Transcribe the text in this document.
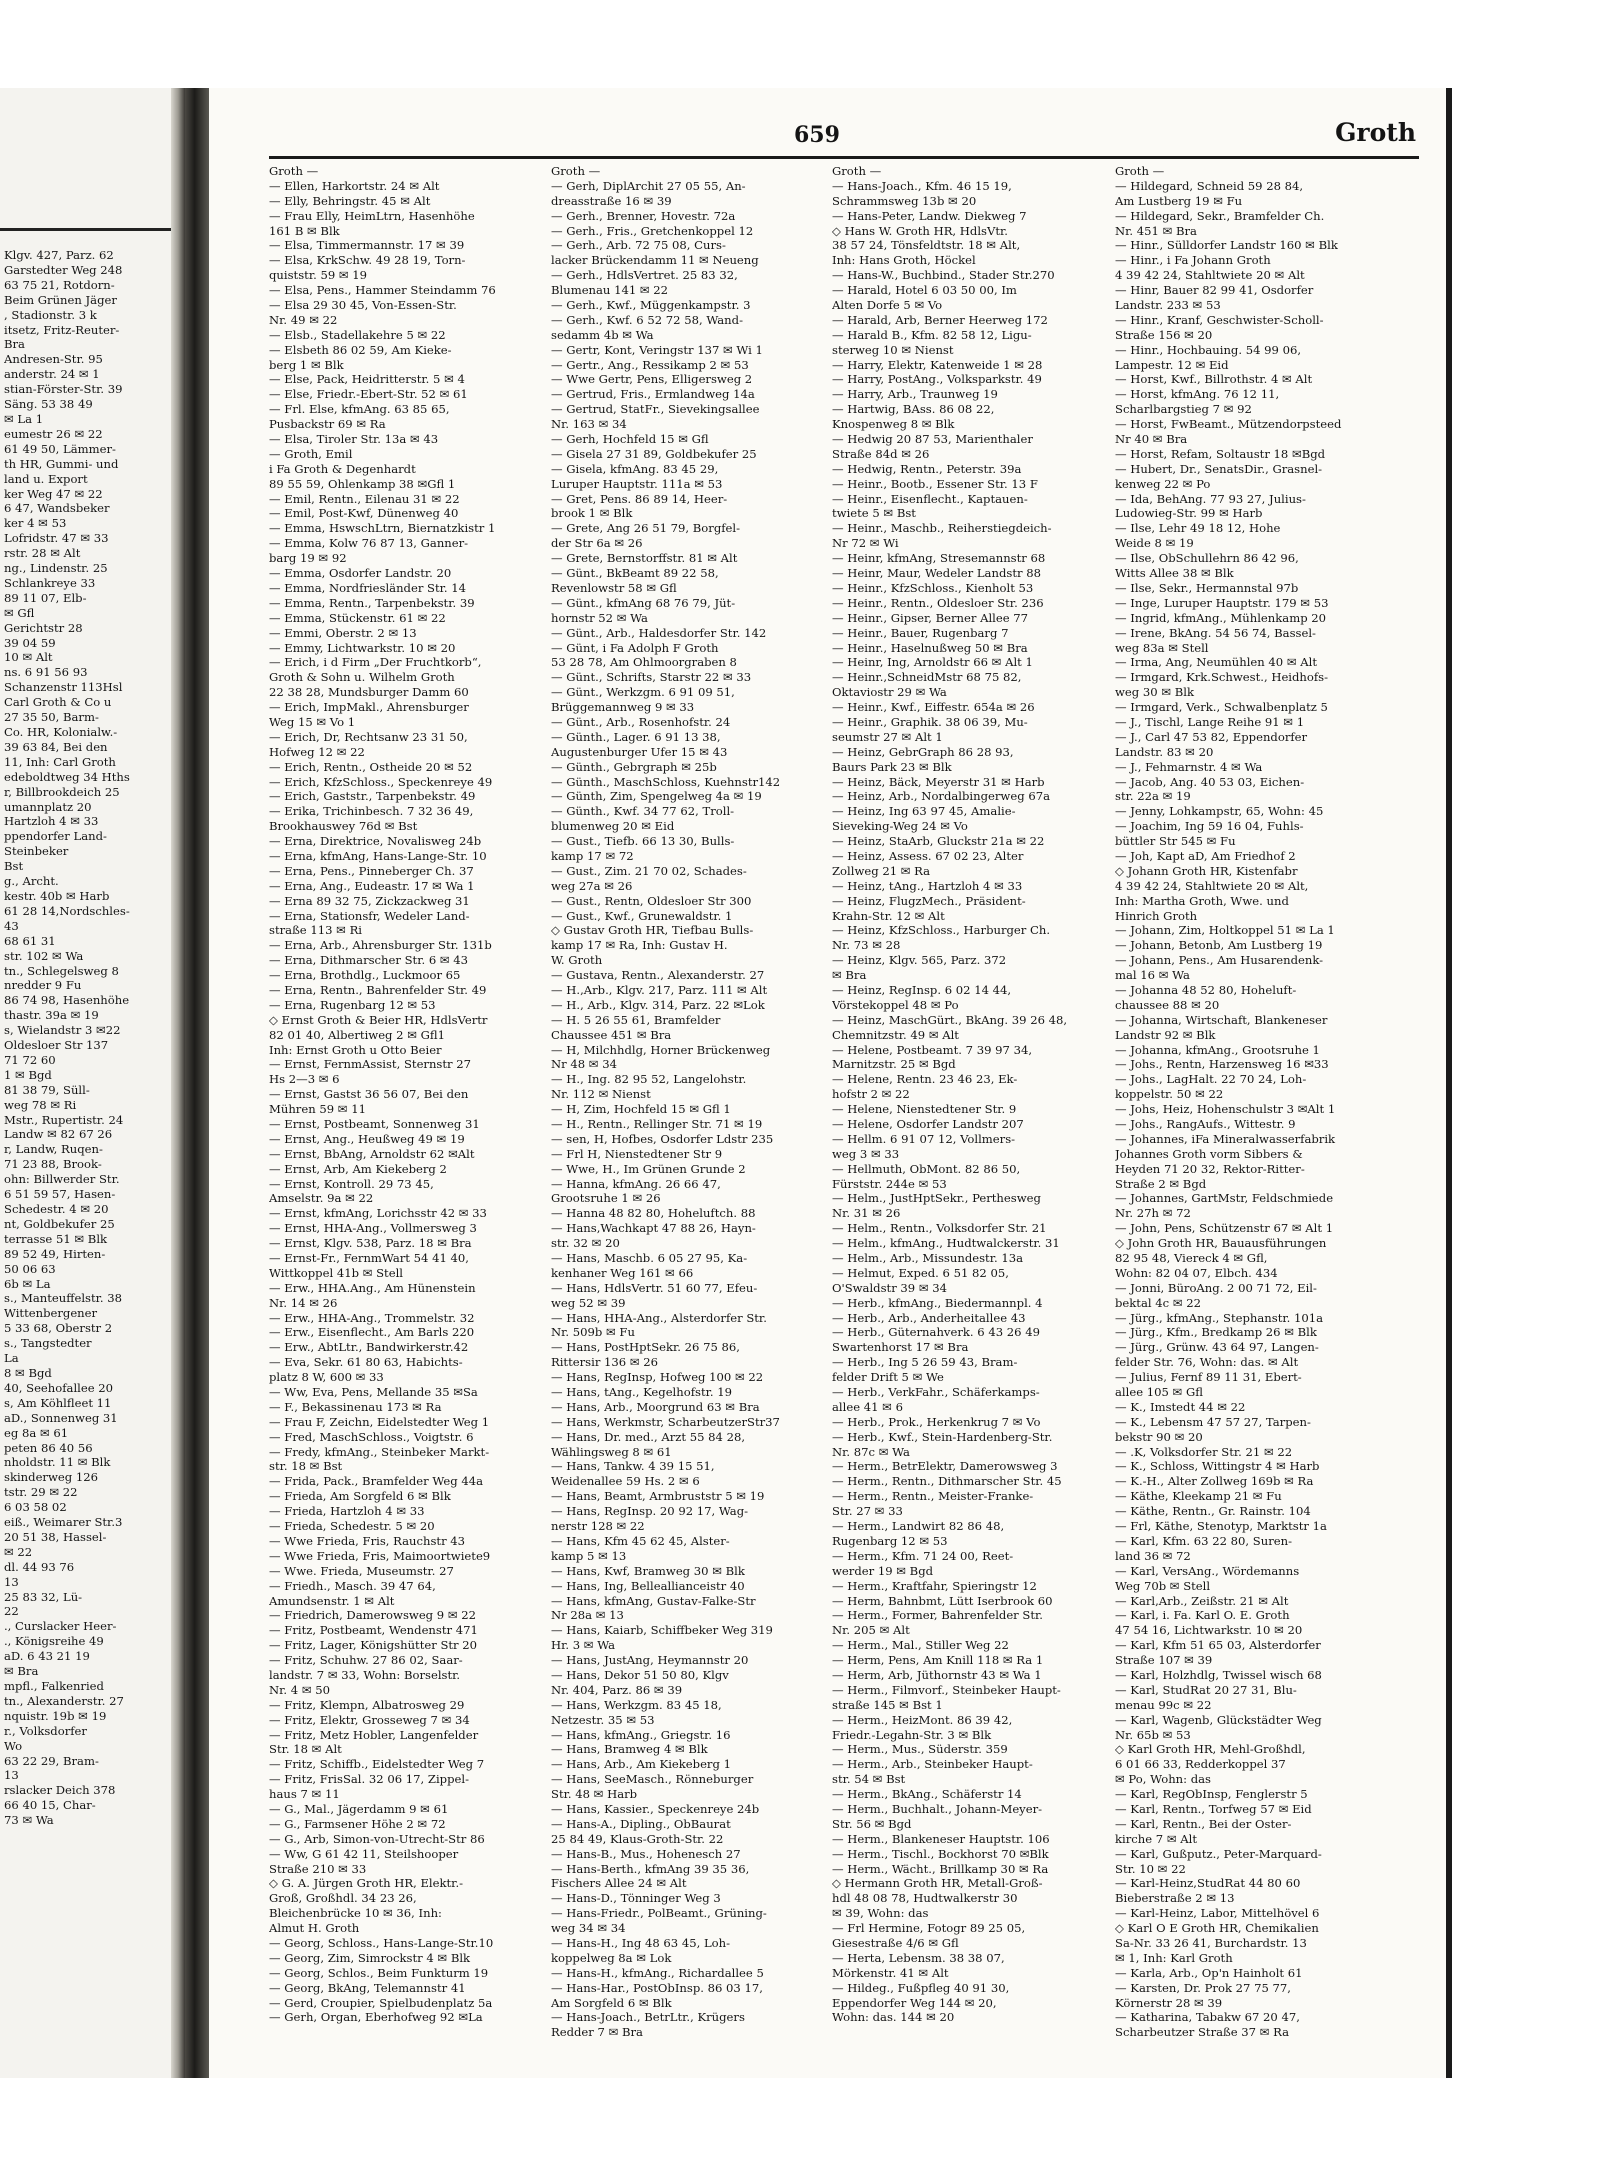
Klgv. 427, Parz. 62
Garstedter Weg 248
63 75 21, Rotdorn-
Beim Grünen Jäger
, Stadionstr. 3 k
itsetz, Fritz-Reuter-
Bra
Andresen-Str. 95
anderstr. 24 ✉ 1
stian-Förster-Str. 39
Säng. 53 38 49
✉ La 1
eumestr 26 ✉ 22
61 49 50, Lämmer-
th HR, Gummi- und
land u. Export
ker Weg 47 ✉ 22
6 47, Wandsbeker
ker 4 ✉ 53
Lofridstr. 47 ✉ 33
rstr. 28 ✉ Alt
ng., Lindenstr. 25
Schlankreye 33
89 11 07, Elb-
✉ Gfl
Gerichtstr 28
39 04 59
10 ✉ Alt
ns. 6 91 56 93
Schanzenstr 113Hsl
Carl Groth & Co u
27 35 50, Barm-
Co. HR, Kolonialw.-
39 63 84, Bei den
11, Inh: Carl Groth
edeboldtweg 34 Hths
r, Billbrookdeich 25
umannplatz 20
Hartzloh 4 ✉ 33
ppendorfer Land-
Steinbeker
Bst
g., Archt.
kestr. 40b ✉ Harb
61 28 14,Nordschles-
43
68 61 31
str. 102 ✉ Wa
tn., Schlegelsweg 8
nredder 9 Fu
86 74 98, Hasenhöhe
thastr. 39a ✉ 19
s, Wielandstr 3 ✉22
Oldesloer Str 137
71 72 60
1 ✉ Bgd
81 38 79, Süll-
weg 78 ✉ Ri
Mstr., Rupertistr. 24
Landw ✉ 82 67 26
r, Landw, Ruqen-
71 23 88, Brook-
ohn: Billwerder Str.
6 51 59 57, Hasen-
Schedestr. 4 ✉ 20
nt, Goldbekufer 25
terrasse 51 ✉ Blk
89 52 49, Hirten-
50 06 63
6b ✉ La
s., Manteuffelstr. 38
Wittenbergener
5 33 68, Oberstr 2
s., Tangstedter
La
8 ✉ Bgd
40, Seehofallee 20
s, Am Köhlfleet 11
aD., Sonnenweg 31
eg 8a ✉ 61
peten 86 40 56
nholdstr. 11 ✉ Blk
skinderweg 126
tstr. 29 ✉ 22
6 03 58 02
eiß., Weimarer Str.3
20 51 38, Hassel-
✉ 22
dl. 44 93 76
13
25 83 32, Lü-
22
., Curslacker Heer-
., Königsreihe 49
aD. 6 43 21 19
✉ Bra
mpfl., Falkenried
tn., Alexanderstr. 27
nquistr. 19b ✉ 19
r., Volksdorfer
Wo
63 22 29, Bram-
13
rslacker Deich 378
66 40 15, Char-
73 ✉ Wa
659	Groth
Groth —
— Ellen, Harkortstr. 24 ✉ Alt
— Elly, Behringstr. 45 ✉ Alt
— Frau Elly, HeimLtrn, Hasenhöhe
161 B ✉ Blk
— Elsa, Timmermannstr. 17 ✉ 39
— Elsa, KrkSchw. 49 28 19, Torn-
quiststr. 59 ✉ 19
— Elsa, Pens., Hammer Steindamm 76
— Elsa 29 30 45, Von-Essen-Str.
Nr. 49 ✉ 22
— Elsb., Stadellakehre 5 ✉ 22
— Elsbeth 86 02 59, Am Kieke-
berg 1 ✉ Blk
— Else, Pack, Heidritterstr. 5 ✉ 4
— Else, Friedr.-Ebert-Str. 52 ✉ 61
— Frl. Else, kfmAng. 63 85 65,
Pusbackstr 69 ✉ Ra
— Elsa, Tiroler Str. 13a ✉ 43
— Groth, Emil
i Fa Groth & Degenhardt
89 55 59, Ohlenkamp 38 ✉Gfl 1
— Emil, Rentn., Eilenau 31 ✉ 22
— Emil, Post-Kwf, Dünenweg 40
— Emma, HswschLtrn, Biernatzkistr 1
— Emma, Kolw 76 87 13, Ganner-
barg 19 ✉ 92
— Emma, Osdorfer Landstr. 20
— Emma, Nordfriesländer Str. 14
— Emma, Rentn., Tarpenbekstr. 39
— Emma, Stückenstr. 61 ✉ 22
— Emmi, Oberstr. 2 ✉ 13
— Emmy, Lichtwarkstr. 10 ✉ 20
— Erich, i d Firm „Der Fruchtkorb“,
Groth & Sohn u. Wilhelm Groth
22 38 28, Mundsburger Damm 60
— Erich, ImpMakl., Ahrensburger
Weg 15 ✉ Vo 1
— Erich, Dr, Rechtsanw 23 31 50,
Hofweg 12 ✉ 22
— Erich, Rentn., Ostheide 20 ✉ 52
— Erich, KfzSchloss., Speckenreye 49
— Erich, Gaststr., Tarpenbekstr. 49
— Erika, Trichinbesch. 7 32 36 49,
Brookhauswey 76d ✉ Bst
— Erna, Direktrice, Novalisweg 24b
— Erna, kfmAng, Hans-Lange-Str. 10
— Erna, Pens., Pinneberger Ch. 37
— Erna, Ang., Eudeastr. 17 ✉ Wa 1
— Erna 89 32 75, Zickzackweg 31
— Erna, Stationsfr, Wedeler Land-
straße 113 ✉ Ri
— Erna, Arb., Ahrensburger Str. 131b
— Erna, Dithmarscher Str. 6 ✉ 43
— Erna, Brothdlg., Luckmoor 65
— Erna, Rentn., Bahrenfelder Str. 49
— Erna, Rugenbarg 12 ✉ 53
◇ Ernst Groth & Beier HR, HdlsVertr
82 01 40, Albertiweg 2 ✉ Gfl1
Inh: Ernst Groth u Otto Beier
— Ernst, FernmAssist, Sternstr 27
Hs 2—3 ✉ 6
— Ernst, Gastst 36 56 07, Bei den
Mühren 59 ✉ 11
— Ernst, Postbeamt, Sonnenweg 31
— Ernst, Ang., Heußweg 49 ✉ 19
— Ernst, BbAng, Arnoldstr 62 ✉Alt
— Ernst, Arb, Am Kiekeberg 2
— Ernst, Kontroll. 29 73 45,
Amselstr. 9a ✉ 22
— Ernst, kfmAng, Lorichsstr 42 ✉ 33
— Ernst, HHA-Ang., Vollmersweg 3
— Ernst, Klgv. 538, Parz. 18 ✉ Bra
— Ernst-Fr., FernmWart 54 41 40,
Wittkoppel 41b ✉ Stell
— Erw., HHA.Ang., Am Hünenstein
Nr. 14 ✉ 26
— Erw., HHA-Ang., Trommelstr. 32
— Erw., Eisenflecht., Am Barls 220
— Erw., AbtLtr., Bandwirkerstr.42
— Eva, Sekr. 61 80 63, Habichts-
platz 8 W, 600 ✉ 33
— Ww, Eva, Pens, Mellande 35 ✉Sa
— F., Bekassinenau 173 ✉ Ra
— Frau F, Zeichn, Eidelstedter Weg 1
— Fred, MaschSchloss., Voigtstr. 6
— Fredy, kfmAng., Steinbeker Markt-
str. 18 ✉ Bst
— Frida, Pack., Bramfelder Weg 44a
— Frieda, Am Sorgfeld 6 ✉ Blk
— Frieda, Hartzloh 4 ✉ 33
— Frieda, Schedestr. 5 ✉ 20
— Wwe Frieda, Fris, Rauchstr 43
— Wwe Frieda, Fris, Maimoortwiete9
— Wwe. Frieda, Museumstr. 27
— Friedh., Masch. 39 47 64,
Amundsenstr. 1 ✉ Alt
— Friedrich, Damerowsweg 9 ✉ 22
— Fritz, Postbeamt, Wendenstr 471
— Fritz, Lager, Königshütter Str 20
— Fritz, Schuhw. 27 86 02, Saar-
landstr. 7 ✉ 33, Wohn: Borselstr.
Nr. 4 ✉ 50
— Fritz, Klempn, Albatrosweg 29
— Fritz, Elektr, Grosseweg 7 ✉ 34
— Fritz, Metz Hobler, Langenfelder
Str. 18 ✉ Alt
— Fritz, Schiffb., Eidelstedter Weg 7
— Fritz, FrisSal. 32 06 17, Zippel-
haus 7 ✉ 11
— G., Mal., Jägerdamm 9 ✉ 61
— G., Farmsener Höhe 2 ✉ 72
— G., Arb, Simon-von-Utrecht-Str 86
— Ww, G 61 42 11, Steilshooper
Straße 210 ✉ 33
◇ G. A. Jürgen Groth HR, Elektr.-
Groß, Großhdl. 34 23 26,
Bleichenbrücke 10 ✉ 36, Inh:
Almut H. Groth
— Georg, Schloss., Hans-Lange-Str.10
— Georg, Zim, Simrockstr 4 ✉ Blk
— Georg, Schlos., Beim Funkturm 19
— Georg, BkAng, Telemannstr 41
— Gerd, Croupier, Spielbudenplatz 5a
— Gerh, Organ, Eberhofweg 92 ✉La
Groth —
— Gerh, DiplArchit 27 05 55, An-
dreasstraße 16 ✉ 39
— Gerh., Brenner, Hovestr. 72a
— Gerh., Fris., Gretchenkoppel 12
— Gerh., Arb. 72 75 08, Curs-
lacker Brückendamm 11 ✉ Neueng
— Gerh., HdlsVertret. 25 83 32,
Blumenau 141 ✉ 22
— Gerh., Kwf., Müggenkampstr. 3
— Gerh., Kwf. 6 52 72 58, Wand-
sedamm 4b ✉ Wa
— Gertr, Kont, Veringstr 137 ✉ Wi 1
— Gertr., Ang., Ressikamp 2 ✉ 53
— Wwe Gertr, Pens, Elligersweg 2
— Gertrud, Fris., Ermlandweg 14a
— Gertrud, StatFr., Sievekingsallee
Nr. 163 ✉ 34
— Gerh, Hochfeld 15 ✉ Gfl
— Gisela 27 31 89, Goldbekufer 25
— Gisela, kfmAng. 83 45 29,
Luruper Hauptstr. 111a ✉ 53
— Gret, Pens. 86 89 14, Heer-
brook 1 ✉ Blk
— Grete, Ang 26 51 79, Borgfel-
der Str 6a ✉ 26
— Grete, Bernstorffstr. 81 ✉ Alt
— Günt., BkBeamt 89 22 58,
Revenlowstr 58 ✉ Gfl
— Günt., kfmAng 68 76 79, Jüt-
hornstr 52 ✉ Wa
— Günt., Arb., Haldesdorfer Str. 142
— Günt, i Fa Adolph F Groth
53 28 78, Am Ohlmoorgraben 8
— Günt., Schrifts, Starstr 22 ✉ 33
— Günt., Werkzgm. 6 91 09 51,
Brüggemannweg 9 ✉ 33
— Günt., Arb., Rosenhofstr. 24
— Günth., Lager. 6 91 13 38,
Augustenburger Ufer 15 ✉ 43
— Günth., Gebrgraph ✉ 25b
— Günth., MaschSchloss, Kuehnstr142
— Günth, Zim, Spengelweg 4a ✉ 19
— Günth., Kwf. 34 77 62, Troll-
blumenweg 20 ✉ Eid
— Gust., Tiefb. 66 13 30, Bulls-
kamp 17 ✉ 72
— Gust., Zim. 21 70 02, Schades-
weg 27a ✉ 26
— Gust., Rentn, Oldesloer Str 300
— Gust., Kwf., Grunewaldstr. 1
◇ Gustav Groth HR, Tiefbau Bulls-
kamp 17 ✉ Ra, Inh: Gustav H.
W. Groth
— Gustava, Rentn., Alexanderstr. 27
— H.,Arb., Klgv. 217, Parz. 111 ✉ Alt
— H., Arb., Klgv. 314, Parz. 22 ✉Lok
— H. 5 26 55 61, Bramfelder
Chaussee 451 ✉ Bra
— H, Milchhdlg, Horner Brückenweg
Nr 48 ✉ 34
— H., Ing. 82 95 52, Langelohstr.
Nr. 112 ✉ Nienst
— H, Zim, Hochfeld 15 ✉ Gfl 1
— H., Rentn., Rellinger Str. 71 ✉ 19
— sen, H, Hofbes, Osdorfer Ldstr 235
— Frl H, Nienstedtener Str 9
— Wwe, H., Im Grünen Grunde 2
— Hanna, kfmAng. 26 66 47,
Grootsruhe 1 ✉ 26
— Hanna 48 82 80, Hoheluftch. 88
— Hans,Wachkapt 47 88 26, Hayn-
str. 32 ✉ 20
— Hans, Maschb. 6 05 27 95, Ka-
kenhaner Weg 161 ✉ 66
— Hans, HdlsVertr. 51 60 77, Efeu-
weg 52 ✉ 39
— Hans, HHA-Ang., Alsterdorfer Str.
Nr. 509b ✉ Fu
— Hans, PostHptSekr. 26 75 86,
Rittersir 136 ✉ 26
— Hans, RegInsp, Hofweg 100 ✉ 22
— Hans, tAng., Kegelhofstr. 19
— Hans, Arb., Moorgrund 63 ✉ Bra
— Hans, Werkmstr, ScharbeutzerStr37
— Hans, Dr. med., Arzt 55 84 28,
Wählingsweg 8 ✉ 61
— Hans, Tankw. 4 39 15 51,
Weidenallee 59 Hs. 2 ✉ 6
— Hans, Beamt, Armbruststr 5 ✉ 19
— Hans, RegInsp. 20 92 17, Wag-
nerstr 128 ✉ 22
— Hans, Kfm 45 62 45, Alster-
kamp 5 ✉ 13
— Hans, Kwf, Bramweg 30 ✉ Blk
— Hans, Ing, Belleallianceistr 40
— Hans, kfmAng, Gustav-Falke-Str
Nr 28a ✉ 13
— Hans, Kaiarb, Schiffbeker Weg 319
Hr. 3 ✉ Wa
— Hans, JustAng, Heymannstr 20
— Hans, Dekor 51 50 80, Klgv
Nr. 404, Parz. 86 ✉ 39
— Hans, Werkzgm. 83 45 18,
Netzestr. 35 ✉ 53
— Hans, kfmAng., Griegstr. 16
— Hans, Bramweg 4 ✉ Blk
— Hans, Arb., Am Kiekeberg 1
— Hans, SeeMasch., Rönneburger
Str. 48 ✉ Harb
— Hans, Kassier., Speckenreye 24b
— Hans-A., Dipling., ObBaurat
25 84 49, Klaus-Groth-Str. 22
— Hans-B., Mus., Hohenesch 27
— Hans-Berth., kfmAng 39 35 36,
Fischers Allee 24 ✉ Alt
— Hans-D., Tönninger Weg 3
— Hans-Friedr., PolBeamt., Grüning-
weg 34 ✉ 34
— Hans-H., Ing 48 63 45, Loh-
koppelweg 8a ✉ Lok
— Hans-H., kfmAng., Richardallee 5
— Hans-Har., PostObInsp. 86 03 17,
Am Sorgfeld 6 ✉ Blk
— Hans-Joach., BetrLtr., Krügers
Redder 7 ✉ Bra
Groth —
— Hans-Joach., Kfm. 46 15 19,
Schrammsweg 13b ✉ 20
— Hans-Peter, Landw. Diekweg 7
◇ Hans W. Groth HR, HdlsVtr.
38 57 24, Tönsfeldtstr. 18 ✉ Alt,
Inh: Hans Groth, Höckel
— Hans-W., Buchbind., Stader Str.270
— Harald, Hotel 6 03 50 00, Im
Alten Dorfe 5 ✉ Vo
— Harald, Arb, Berner Heerweg 172
— Harald B., Kfm. 82 58 12, Ligu-
sterweg 10 ✉ Nienst
— Harry, Elektr, Katenweide 1 ✉ 28
— Harry, PostAng., Volksparkstr. 49
— Harry, Arb., Traunweg 19
— Hartwig, BAss. 86 08 22,
Knospenweg 8 ✉ Blk
— Hedwig 20 87 53, Marienthaler
Straße 84d ✉ 26
— Hedwig, Rentn., Peterstr. 39a
— Heinr., Bootb., Essener Str. 13 F
— Heinr., Eisenflecht., Kaptauen-
twiete 5 ✉ Bst
— Heinr., Maschb., Reiherstiegdeich-
Nr 72 ✉ Wi
— Heinr, kfmAng, Stresemannstr 68
— Heinr, Maur, Wedeler Landstr 88
— Heinr., KfzSchloss., Kienholt 53
— Heinr., Rentn., Oldesloer Str. 236
— Heinr., Gipser, Berner Allee 77
— Heinr., Bauer, Rugenbarg 7
— Heinr., Haselnußweg 50 ✉ Bra
— Heinr, Ing, Arnoldstr 66 ✉ Alt 1
— Heinr.,SchneidMstr 68 75 82,
Oktaviostr 29 ✉ Wa
— Heinr., Kwf., Eiffestr. 654a ✉ 26
— Heinr., Graphik. 38 06 39, Mu-
seumstr 27 ✉ Alt 1
— Heinz, GebrGraph 86 28 93,
Baurs Park 23 ✉ Blk
— Heinz, Bäck, Meyerstr 31 ✉ Harb
— Heinz, Arb., Nordalbingerweg 67a
— Heinz, Ing 63 97 45, Amalie-
Sieveking-Weg 24 ✉ Vo
— Heinz, StaArb, Gluckstr 21a ✉ 22
— Heinz, Assess. 67 02 23, Alter
Zollweg 21 ✉ Ra
— Heinz, tAng., Hartzloh 4 ✉ 33
— Heinz, FlugzMech., Präsident-
Krahn-Str. 12 ✉ Alt
— Heinz, KfzSchloss., Harburger Ch.
Nr. 73 ✉ 28
— Heinz, Klgv. 565, Parz. 372
✉ Bra
— Heinz, RegInsp. 6 02 14 44,
Vörstekoppel 48 ✉ Po
— Heinz, MaschGürt., BkAng. 39 26 48,
Chemnitzstr. 49 ✉ Alt
— Helene, Postbeamt. 7 39 97 34,
Marnitzstr. 25 ✉ Bgd
— Helene, Rentn. 23 46 23, Ek-
hofstr 2 ✉ 22
— Helene, Nienstedtener Str. 9
— Helene, Osdorfer Landstr 207
— Hellm. 6 91 07 12, Vollmers-
weg 3 ✉ 33
— Hellmuth, ObMont. 82 86 50,
Fürststr. 244e ✉ 53
— Helm., JustHptSekr., Perthesweg
Nr. 31 ✉ 26
— Helm., Rentn., Volksdorfer Str. 21
— Helm., kfmAng., Hudtwalckerstr. 31
— Helm., Arb., Missundestr. 13a
— Helmut, Exped. 6 51 82 05,
O'Swaldstr 39 ✉ 34
— Herb., kfmAng., Biedermannpl. 4
— Herb., Arb., Anderheitallee 43
— Herb., Güternahverk. 6 43 26 49
Swartenhorst 17 ✉ Bra
— Herb., Ing 5 26 59 43, Bram-
felder Drift 5 ✉ We
— Herb., VerkFahr., Schäferkamps-
allee 41 ✉ 6
— Herb., Prok., Herkenkrug 7 ✉ Vo
— Herb., Kwf., Stein-Hardenberg-Str.
Nr. 87c ✉ Wa
— Herm., BetrElektr, Damerowsweg 3
— Herm., Rentn., Dithmarscher Str. 45
— Herm., Rentn., Meister-Franke-
Str. 27 ✉ 33
— Herm., Landwirt 82 86 48,
Rugenbarg 12 ✉ 53
— Herm., Kfm. 71 24 00, Reet-
werder 19 ✉ Bgd
— Herm., Kraftfahr, Spieringstr 12
— Herm, Bahnbmt, Lütt Iserbrook 60
— Herm., Former, Bahrenfelder Str.
Nr. 205 ✉ Alt
— Herm., Mal., Stiller Weg 22
— Herm, Pens, Am Knill 118 ✉ Ra 1
— Herm, Arb, Jüthornstr 43 ✉ Wa 1
— Herm., Filmvorf., Steinbeker Haupt-
straße 145 ✉ Bst 1
— Herm., HeizMont. 86 39 42,
Friedr.-Legahn-Str. 3 ✉ Blk
— Herm., Mus., Süderstr. 359
— Herm., Arb., Steinbeker Haupt-
str. 54 ✉ Bst
— Herm., BkAng., Schäferstr 14
— Herm., Buchhalt., Johann-Meyer-
Str. 56 ✉ Bgd
— Herm., Blankeneser Hauptstr. 106
— Herm., Tischl., Bockhorst 70 ✉Blk
— Herm., Wächt., Brillkamp 30 ✉ Ra
◇ Hermann Groth HR, Metall-Groß-
hdl 48 08 78, Hudtwalkerstr 30
✉ 39, Wohn: das
— Frl Hermine, Fotogr 89 25 05,
Giesestraße 4/6 ✉ Gfl
— Herta, Lebensm. 38 38 07,
Mörkenstr. 41 ✉ Alt
— Hildeg., Fußpfleg 40 91 30,
Eppendorfer Weg 144 ✉ 20,
Wohn: das. 144 ✉ 20
Groth —
— Hildegard, Schneid 59 28 84,
Am Lustberg 19 ✉ Fu
— Hildegard, Sekr., Bramfelder Ch.
Nr. 451 ✉ Bra
— Hinr., Sülldorfer Landstr 160 ✉ Blk
— Hinr., i Fa Johann Groth
4 39 42 24, Stahltwiete 20 ✉ Alt
— Hinr, Bauer 82 99 41, Osdorfer
Landstr. 233 ✉ 53
— Hinr., Kranf, Geschwister-Scholl-
Straße 156 ✉ 20
— Hinr., Hochbauing. 54 99 06,
Lampestr. 12 ✉ Eid
— Horst, Kwf., Billrothstr. 4 ✉ Alt
— Horst, kfmAng. 76 12 11,
Scharlbargstieg 7 ✉ 92
— Horst, FwBeamt., Mützendorpsteed
Nr 40 ✉ Bra
— Horst, Refam, Soltaustr 18 ✉Bgd
— Hubert, Dr., SenatsDir., Grasnel-
kenweg 22 ✉ Po
— Ida, BehAng. 77 93 27, Julius-
Ludowieg-Str. 99 ✉ Harb
— Ilse, Lehr 49 18 12, Hohe
Weide 8 ✉ 19
— Ilse, ObSchullehrn 86 42 96,
Witts Allee 38 ✉ Blk
— Ilse, Sekr., Hermannstal 97b
— Inge, Luruper Hauptstr. 179 ✉ 53
— Ingrid, kfmAng., Mühlenkamp 20
— Irene, BkAng. 54 56 74, Bassel-
weg 83a ✉ Stell
— Irma, Ang, Neumühlen 40 ✉ Alt
— Irmgard, Krk.Schwest., Heidhofs-
weg 30 ✉ Blk
— Irmgard, Verk., Schwalbenplatz 5
— J., Tischl, Lange Reihe 91 ✉ 1
— J., Carl 47 53 82, Eppendorfer
Landstr. 83 ✉ 20
— J., Fehmarnstr. 4 ✉ Wa
— Jacob, Ang. 40 53 03, Eichen-
str. 22a ✉ 19
— Jenny, Lohkampstr, 65, Wohn: 45
— Joachim, Ing 59 16 04, Fuhls-
büttler Str 545 ✉ Fu
— Joh, Kapt aD, Am Friedhof 2
◇ Johann Groth HR, Kistenfabr
4 39 42 24, Stahltwiete 20 ✉ Alt,
Inh: Martha Groth, Wwe. und
Hinrich Groth
— Johann, Zim, Holtkoppel 51 ✉ La 1
— Johann, Betonb, Am Lustberg 19
— Johann, Pens., Am Husarendenk-
mal 16 ✉ Wa
— Johanna 48 52 80, Hoheluft-
chaussee 88 ✉ 20
— Johanna, Wirtschaft, Blankeneser
Landstr 92 ✉ Blk
— Johanna, kfmAng., Grootsruhe 1
— Johs., Rentn, Harzensweg 16 ✉33
— Johs., LagHalt. 22 70 24, Loh-
koppelstr. 50 ✉ 22
— Johs, Heiz, Hohenschulstr 3 ✉Alt 1
— Johs., RangAufs., Wittestr. 9
— Johannes, iFa Mineralwasserfabrik
Johannes Groth vorm Sibbers &
Heyden 71 20 32, Rektor-Ritter-
Straße 2 ✉ Bgd
— Johannes, GartMstr, Feldschmiede
Nr. 27h ✉ 72
— John, Pens, Schützenstr 67 ✉ Alt 1
◇ John Groth HR, Bauausführungen
82 95 48, Viereck 4 ✉ Gfl,
Wohn: 82 04 07, Elbch. 434
— Jonni, BüroAng. 2 00 71 72, Eil-
bektal 4c ✉ 22
— Jürg., kfmAng., Stephanstr. 101a
— Jürg., Kfm., Bredkamp 26 ✉ Blk
— Jürg., Grünw. 43 64 97, Langen-
felder Str. 76, Wohn: das. ✉ Alt
— Julius, Fernf 89 11 31, Ebert-
allee 105 ✉ Gfl
— K., Imstedt 44 ✉ 22
— K., Lebensm 47 57 27, Tarpen-
bekstr 90 ✉ 20
— .K, Volksdorfer Str. 21 ✉ 22
— K., Schloss, Wittingstr 4 ✉ Harb
— K.-H., Alter Zollweg 169b ✉ Ra
— Käthe, Kleekamp 21 ✉ Fu
— Käthe, Rentn., Gr. Rainstr. 104
— Frl, Käthe, Stenotyp, Marktstr 1a
— Karl, Kfm. 63 22 80, Suren-
land 36 ✉ 72
— Karl, VersAng., Wördemanns
Weg 70b ✉ Stell
— Karl,Arb., Zeißstr. 21 ✉ Alt
— Karl, i. Fa. Karl O. E. Groth
47 54 16, Lichtwarkstr. 10 ✉ 20
— Karl, Kfm 51 65 03, Alsterdorfer
Straße 107 ✉ 39
— Karl, Holzhdlg, Twissel wisch 68
— Karl, StudRat 20 27 31, Blu-
menau 99c ✉ 22
— Karl, Wagenb, Glückstädter Weg
Nr. 65b ✉ 53
◇ Karl Groth HR, Mehl-Großhdl,
6 01 66 33, Redderkoppel 37
✉ Po, Wohn: das
— Karl, RegObInsp, Fenglerstr 5
— Karl, Rentn., Torfweg 57 ✉ Eid
— Karl, Rentn., Bei der Oster-
kirche 7 ✉ Alt
— Karl, Gußputz., Peter-Marquard-
Str. 10 ✉ 22
— Karl-Heinz,StudRat 44 80 60
Bieberstraße 2 ✉ 13
— Karl-Heinz, Labor, Mittelhövel 6
◇ Karl O E Groth HR, Chemikalien
Sa-Nr. 33 26 41, Burchardstr. 13
✉ 1, Inh: Karl Groth
— Karla, Arb., Op'n Hainholt 61
— Karsten, Dr. Prok 27 75 77,
Körnerstr 28 ✉ 39
— Katharina, Tabakw 67 20 47,
Scharbeutzer Straße 37 ✉ Ra
